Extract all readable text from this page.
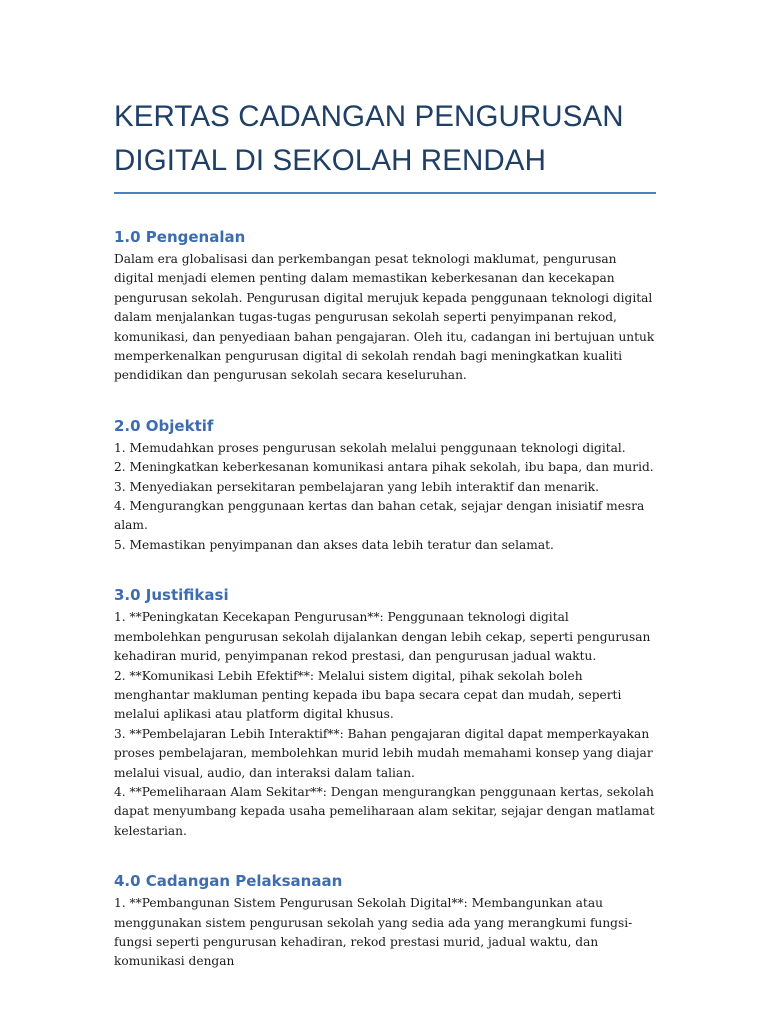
KERTAS CADANGAN PENGURUSAN
DIGITAL DI SEKOLAH RENDAH
1.0 Pengenalan

Dalam era globalisasi dan perkembangan pesat teknologi maklumat, pengurusan digital menjadi elemen penting dalam memastikan keberkesanan dan kecekapan pengurusan sekolah. Pengurusan digital merujuk kepada penggunaan teknologi digital dalam menjalankan tugas-tugas pengurusan sekolah seperti penyimpanan rekod, komunikasi, dan penyediaan bahan pengajaran. Oleh itu, cadangan ini bertujuan untuk memperkenalkan pengurusan digital di sekolah rendah bagi meningkatkan kualiti pendidikan dan pengurusan sekolah secara keseluruhan.

2.0 Objektif
1. Memudahkan proses pengurusan sekolah melalui penggunaan teknologi digital.
2. Meningkatkan keberkesanan komunikasi antara pihak sekolah, ibu bapa, dan murid.
3. Menyediakan persekitaran pembelajaran yang lebih interaktif dan menarik.
4. Mengurangkan penggunaan kertas dan bahan cetak, sejajar dengan inisiatif mesra alam.
5. Memastikan penyimpanan dan akses data lebih teratur dan selamat.
3.0 Justifikasi
1. **Peningkatan Kecekapan Pengurusan**: Penggunaan teknologi digital membolehkan pengurusan sekolah dijalankan dengan lebih cekap, seperti pengurusan kehadiran murid, penyimpanan rekod prestasi, dan pengurusan jadual waktu.
2. **Komunikasi Lebih Efektif**: Melalui sistem digital, pihak sekolah boleh menghantar makluman penting kepada ibu bapa secara cepat dan mudah, seperti melalui aplikasi atau platform digital khusus.
3. **Pembelajaran Lebih Interaktif**: Bahan pengajaran digital dapat memperkayakan proses pembelajaran, membolehkan murid lebih mudah memahami konsep yang diajar melalui visual, audio, dan interaksi dalam talian.
4. **Pemeliharaan Alam Sekitar**: Dengan mengurangkan penggunaan kertas, sekolah dapat menyumbang kepada usaha pemeliharaan alam sekitar, sejajar dengan matlamat kelestarian.
4.0 Cadangan Pelaksanaan
1. **Pembangunan Sistem Pengurusan Sekolah Digital**: Membangunkan atau menggunakan sistem pengurusan sekolah yang sedia ada yang merangkumi fungsi-fungsi seperti pengurusan kehadiran, rekod prestasi murid, jadual waktu, dan komunikasi dengan
